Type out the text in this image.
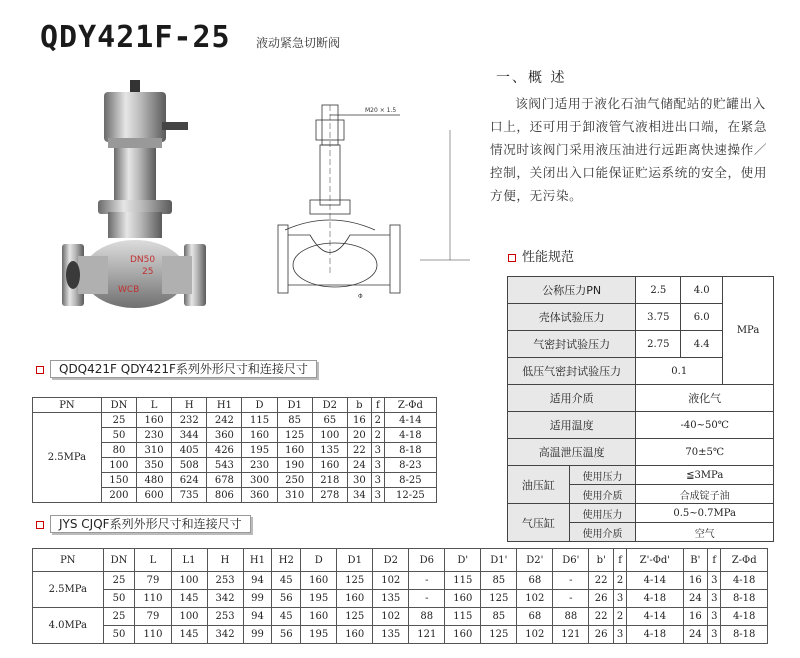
QDY421F-25 液动紧急切断阀
DN50
25
WCB
M20 × 1.5
Φ
一、概 述
该阀门适用于液化石油气储配站的贮罐出入口上，还可用于卸液管气液相进出口端，在紧急情况时该阀门采用液压油进行远距离快速操作／控制，关闭出入口能保证贮运系统的安全，使用方便，无污染。
性能规范
公称压力PN		2.5	4.0	MPa
壳体试验压力		3.75	6.0	
气密封试验压力		2.75	4.4	
低压气密封试验压力		0.1		
适用介质		液化气		
适用温度		-40~50℃		
高温泄压温度		70±5℃		
油压缸	使用压力	≦3MPa		
	使用介质	合成锭子油		
气压缸	使用压力	0.5~0.7MPa		
	使用介质	空气		
QDQ421F QDY421F系列外形尺寸和连接尺寸
PN	DN	L	H	H1	D	D1	D2	b	f	Z-Φd
2.5MPa	25	160	232	242	115	85	65	16	2	4-14
	50	230	344	360	160	125	100	20	2	4-18
	80	310	405	426	195	160	135	22	3	8-18
	100	350	508	543	230	190	160	24	3	8-23
	150	480	624	678	300	250	218	30	3	8-25
	200	600	735	806	360	310	278	34	3	12-25
JYS CJQF系列外形尺寸和连接尺寸
PN	DN	L	L1	H	H1	H2	D	D1	D2	D6	D'	D1'	D2'	D6'	b'	f	Z'-Φd'	B'	f	Z-Φd
2.5MPa	25	79	100	253	94	45	160	125	102	-	115	85	68	-	22	2	4-14	16	3	4-18
	50	110	145	342	99	56	195	160	135	-	160	125	102	-	26	3	4-18	24	3	8-18
4.0MPa	25	79	100	253	94	45	160	125	102	88	115	85	68	88	22	2	4-14	16	3	4-18
	50	110	145	342	99	56	195	160	135	121	160	125	102	121	26	3	4-18	24	3	8-18
